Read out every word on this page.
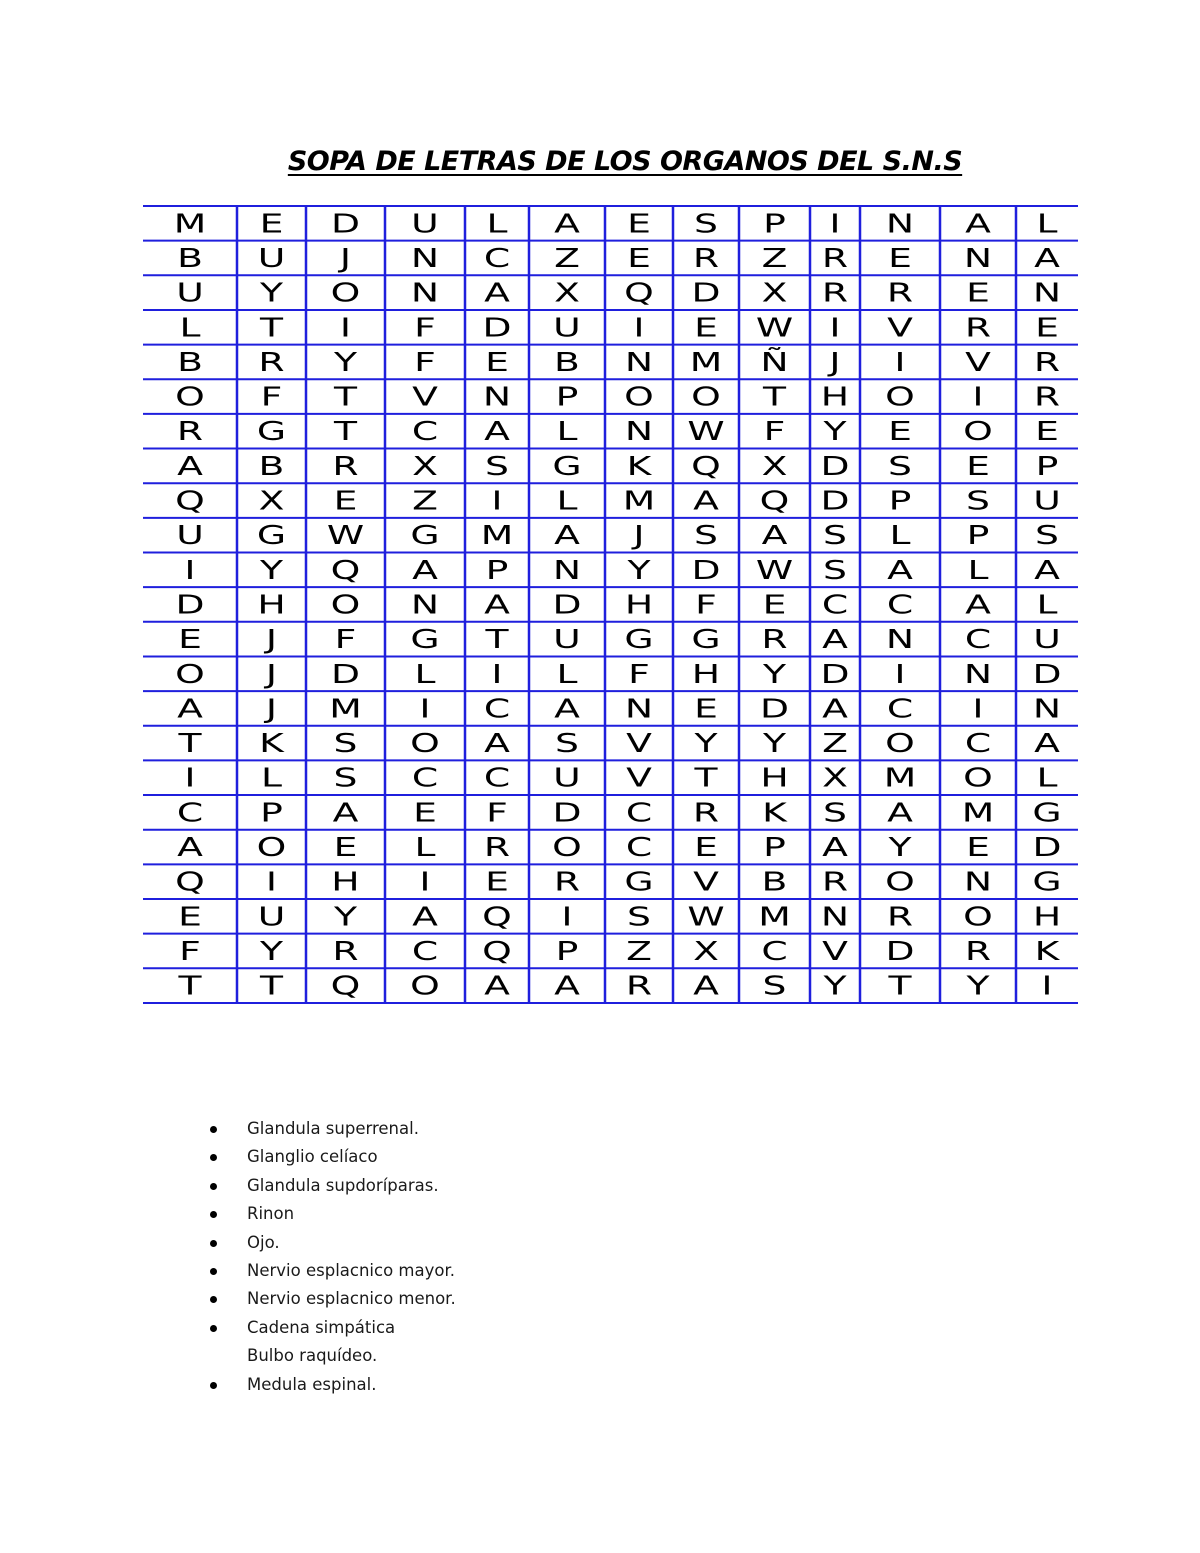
SOPA DE LETRAS DE LOS ORGANOS DEL S.N.S
M E D U L A E S P I N A L
B U J N C Z E R Z R E N A
U Y O N A X Q D X R R E N
L T I F D U I E W I V R E
B R Y F E B N M Ñ J I V R
O F T V N P O O T H O I R
R G T C A L N W F Y E O E
A B R X S G K Q X D S E P
Q X E Z I L M A Q D P S U
U G W G M A J S A S L P S
I Y Q A P N Y D W S A L A
D H O N A D H F E C C A L
E J F G T U G G R A N C U
O J D L I L F H Y D I N D
A J M I C A N E D A C I N
T K S O A S V Y Y Z O C A
I	L S C C U V T H X M O L
C P A E F D C R K S A M G
A O E L R O C E P A Y E D
Q I H I E R G V B R O N G
E U Y A Q I S W M N R O H
F Y R C Q P Z X C V D R K
T T Q O A A R A S Y T Y I
Glandula superrenal.
Glanglio celíaco
Glandula supdoríparas.
Rinon
Ojo.
Nervio esplacnico mayor.
Nervio esplacnico menor.
Cadena simpática
Bulbo raquídeo.
Medula espinal.
